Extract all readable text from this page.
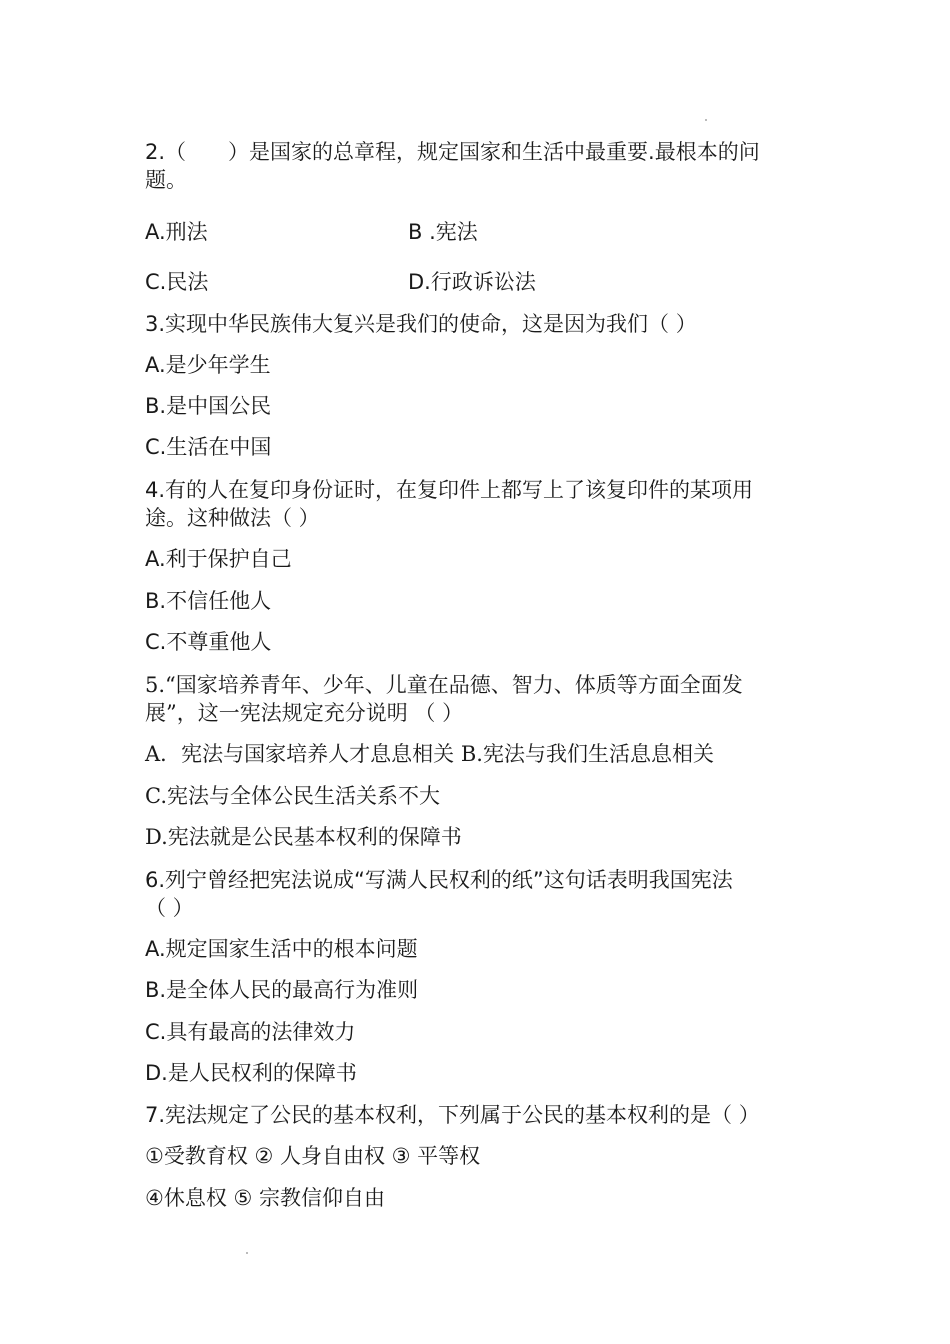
2.（　　）是国家的总章程，规定国家和生活中最重要.最根本的问
题。
A.刑法	B .宪法
C.民法	D.行政诉讼法
3.实现中华民族伟大复兴是我们的使命，这是因为我们（ ）
A.是少年学生
B.是中国公民
C.生活在中国
4.有的人在复印身份证时，在复印件上都写上了该复印件的某项用
途。这种做法（ ）
A.利于保护自己
B.不信任他人
C.不尊重他人
5.“国家培养青年、少年、儿童在品德、智力、体质等方面全面发
展”，这一宪法规定充分说明 （ ）
A．宪法与国家培养人才息息相关 B.宪法与我们生活息息相关
C.宪法与全体公民生活关系不大
D.宪法就是公民基本权利的保障书
6.列宁曾经把宪法说成“写满人民权利的纸”这句话表明我国宪法
（ ）
A.规定国家生活中的根本问题
B.是全体人民的最高行为准则
C.具有最高的法律效力
D.是人民权利的保障书
7.宪法规定了公民的基本权利，下列属于公民的基本权利的是（ ）
①受教育权 ② 人身自由权 ③ 平等权
④休息权 ⑤ 宗教信仰自由
